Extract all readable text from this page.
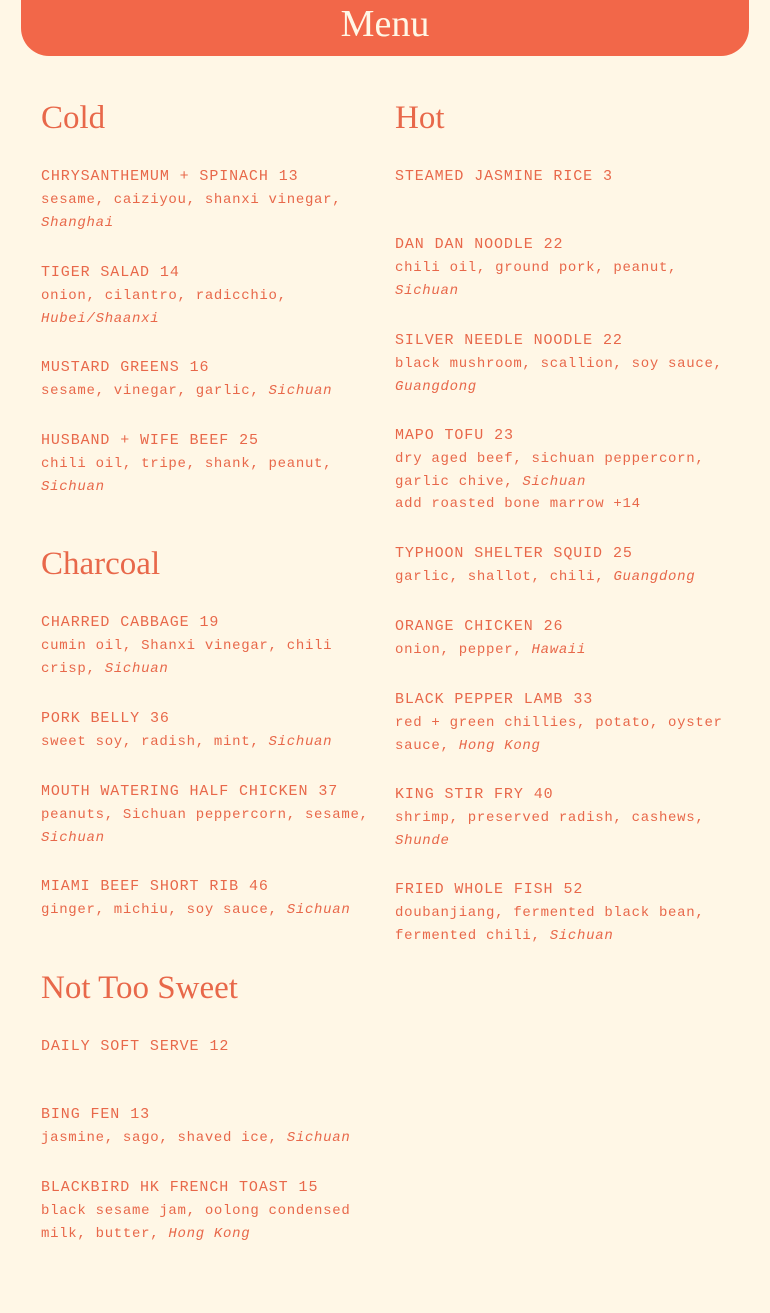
Menu
Cold
CHRYSANTHEMUM + SPINACH 13
sesame, caiziyou, shanxi vinegar, Shanghai
TIGER SALAD 14
onion, cilantro, radicchio, Hubei/Shaanxi
MUSTARD GREENS 16
sesame, vinegar, garlic, Sichuan
HUSBAND + WIFE BEEF 25
chili oil, tripe, shank, peanut, Sichuan
Charcoal
CHARRED CABBAGE 19
cumin oil, Shanxi vinegar, chili crisp, Sichuan
PORK BELLY 36
sweet soy, radish, mint, Sichuan
MOUTH WATERING HALF CHICKEN 37
peanuts, Sichuan peppercorn, sesame, Sichuan
MIAMI BEEF SHORT RIB 46
ginger, michiu, soy sauce, Sichuan
Not Too Sweet
DAILY SOFT SERVE 12
BING FEN 13
jasmine, sago, shaved ice, Sichuan
BLACKBIRD HK FRENCH TOAST 15
black sesame jam, oolong condensed milk, butter, Hong Kong
Hot
STEAMED JASMINE RICE 3
DAN DAN NOODLE 22
chili oil, ground pork, peanut, Sichuan
SILVER NEEDLE NOODLE 22
black mushroom, scallion, soy sauce, Guangdong
MAPO TOFU 23
dry aged beef, sichuan peppercorn, garlic chive, Sichuan
add roasted bone marrow +14
TYPHOON SHELTER SQUID 25
garlic, shallot, chili, Guangdong
ORANGE CHICKEN 26
onion, pepper, Hawaii
BLACK PEPPER LAMB 33
red + green chillies, potato, oyster sauce, Hong Kong
KING STIR FRY 40
shrimp, preserved radish, cashews, Shunde
FRIED WHOLE FISH 52
doubanjiang, fermented black bean, fermented chili, Sichuan
